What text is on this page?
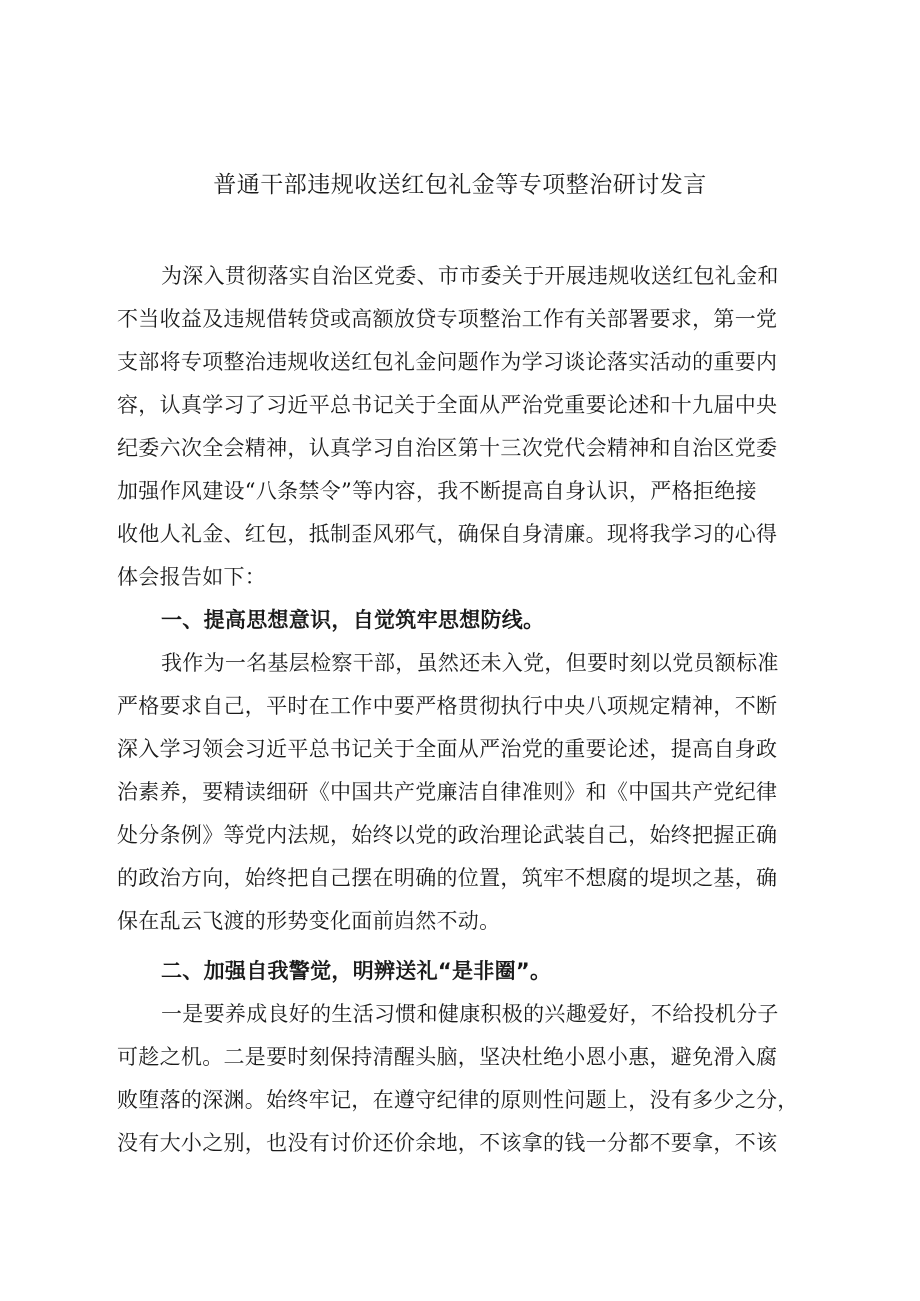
普通干部违规收送红包礼金等专项整治研讨发言
为深入贯彻落实自治区党委、市市委关于开展违规收送红包礼金和
不当收益及违规借转贷或高额放贷专项整治工作有关部署要求，第一党
支部将专项整治违规收送红包礼金问题作为学习谈论落实活动的重要内
容，认真学习了习近平总书记关于全面从严治党重要论述和十九届中央
纪委六次全会精神，认真学习自治区第十三次党代会精神和自治区党委
加强作风建设“八条禁令”等内容，我不断提高自身认识，严格拒绝接
收他人礼金、红包，抵制歪风邪气，确保自身清廉。现将我学习的心得
体会报告如下：
一、提高思想意识，自觉筑牢思想防线。
我作为一名基层检察干部，虽然还未入党，但要时刻以党员额标准
严格要求自己，平时在工作中要严格贯彻执行中央八项规定精神，不断
深入学习领会习近平总书记关于全面从严治党的重要论述，提高自身政
治素养，要精读细研《中国共产党廉洁自律准则》和《中国共产党纪律
处分条例》等党内法规，始终以党的政治理论武装自己，始终把握正确
的政治方向，始终把自己摆在明确的位置，筑牢不想腐的堤坝之基，确
保在乱云飞渡的形势变化面前岿然不动。
二、加强自我警觉，明辨送礼“是非圈”。
一是要养成良好的生活习惯和健康积极的兴趣爱好，不给投机分子
可趁之机。二是要时刻保持清醒头脑，坚决杜绝小恩小惠，避免滑入腐
败堕落的深渊。始终牢记，在遵守纪律的原则性问题上，没有多少之分，
没有大小之别，也没有讨价还价余地，不该拿的钱一分都不要拿，不该
